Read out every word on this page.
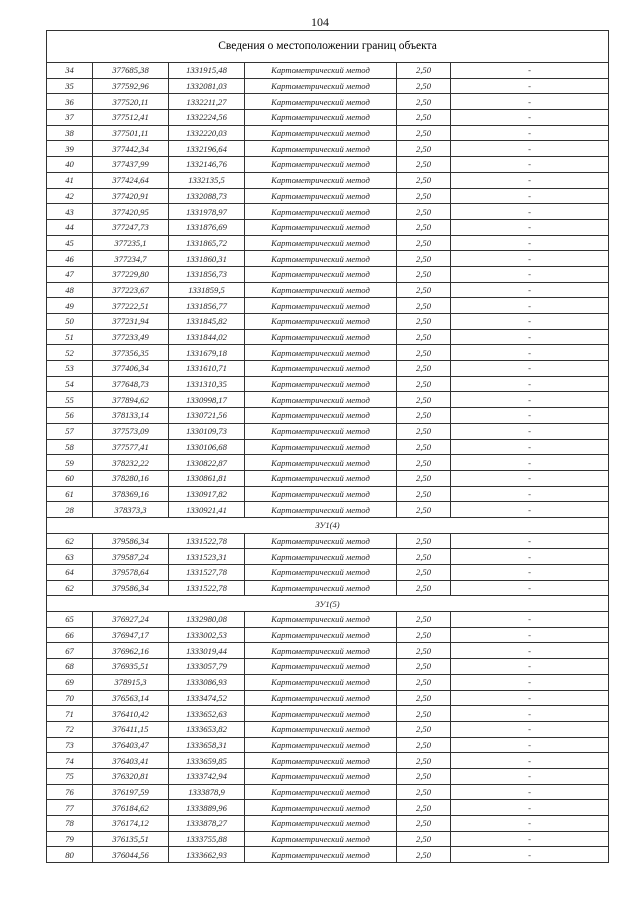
104
Сведения о местоположении границ объекта					
34	377685,38	1331915,48	Картометрический метод	2,50	-
35	377592,96	1332081,03	Картометрический метод	2,50	-
36	377520,11	1332211,27	Картометрический метод	2,50	-
37	377512,41	1332224,56	Картометрический метод	2,50	-
38	377501,11	1332220,03	Картометрический метод	2,50	-
39	377442,34	1332196,64	Картометрический метод	2,50	-
40	377437,99	1332146,76	Картометрический метод	2,50	-
41	377424,64	1332135,5	Картометрический метод	2,50	-
42	377420,91	1332088,73	Картометрический метод	2,50	-
43	377420,95	1331978,97	Картометрический метод	2,50	-
44	377247,73	1331876,69	Картометрический метод	2,50	-
45	377235,1	1331865,72	Картометрический метод	2,50	-
46	377234,7	1331860,31	Картометрический метод	2,50	-
47	377229,80	1331856,73	Картометрический метод	2,50	-
48	377223,67	1331859,5	Картометрический метод	2,50	-
49	377222,51	1331856,77	Картометрический метод	2,50	-
50	377231,94	1331845,82	Картометрический метод	2,50	-
51	377233,49	1331844,02	Картометрический метод	2,50	-
52	377356,35	1331679,18	Картометрический метод	2,50	-
53	377406,34	1331610,71	Картометрический метод	2,50	-
54	377648,73	1331310,35	Картометрический метод	2,50	-
55	377894,62	1330998,17	Картометрический метод	2,50	-
56	378133,14	1330721,56	Картометрический метод	2,50	-
57	377573,09	1330109,73	Картометрический метод	2,50	-
58	377577,41	1330106,68	Картометрический метод	2,50	-
59	378232,22	1330822,87	Картометрический метод	2,50	-
60	378280,16	1330861,81	Картометрический метод	2,50	-
61	378369,16	1330917,82	Картометрический метод	2,50	-
28	378373,3	1330921,41	Картометрический метод	2,50	-
ЗУ1(4)					
62	379586,34	1331522,78	Картометрический метод	2,50	-
63	379587,24	1331523,31	Картометрический метод	2,50	-
64	379578,64	1331527,78	Картометрический метод	2,50	-
62	379586,34	1331522,78	Картометрический метод	2,50	-
ЗУ1(5)					
65	376927,24	1332980,08	Картометрический метод	2,50	-
66	376947,17	1333002,53	Картометрический метод	2,50	-
67	376962,16	1333019,44	Картометрический метод	2,50	-
68	376935,51	1333057,79	Картометрический метод	2,50	-
69	378915,3	1333086,93	Картометрический метод	2,50	-
70	376563,14	1333474,52	Картометрический метод	2,50	-
71	376410,42	1333652,63	Картометрический метод	2,50	-
72	376411,15	1333653,82	Картометрический метод	2,50	-
73	376403,47	1333658,31	Картометрический метод	2,50	-
74	376403,41	1333659,85	Картометрический метод	2,50	-
75	376320,81	1333742,94	Картометрический метод	2,50	-
76	376197,59	1333878,9	Картометрический метод	2,50	-
77	376184,62	1333889,96	Картометрический метод	2,50	-
78	376174,12	1333878,27	Картометрический метод	2,50	-
79	376135,51	1333755,88	Картометрический метод	2,50	-
80	376044,56	1333662,93	Картометрический метод	2,50	-
